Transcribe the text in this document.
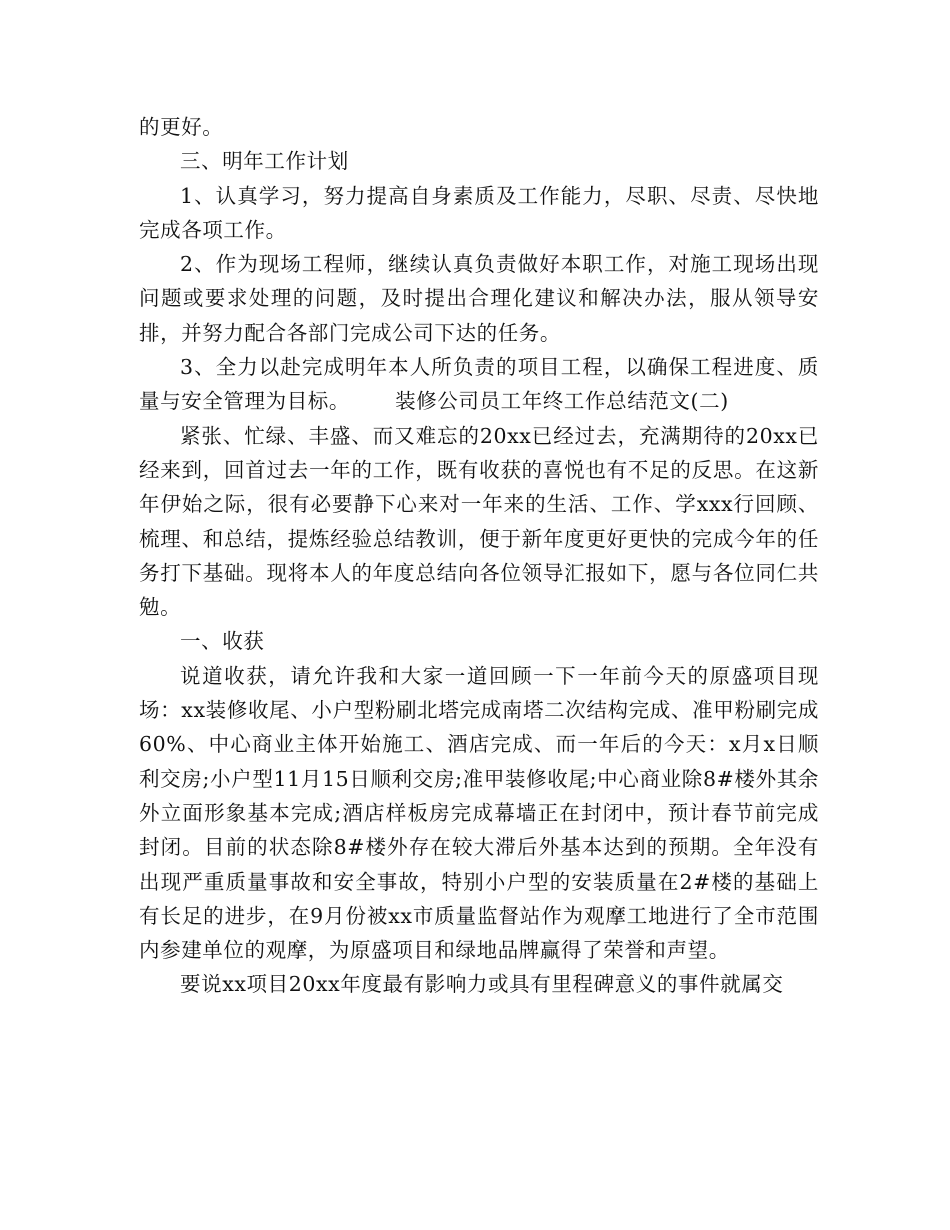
的更好。

三、明年工作计划

1、认真学习，努力提高自身素质及工作能力，尽职、尽责、尽快地完成各项工作。

2、作为现场工程师，继续认真负责做好本职工作，对施工现场出现问题或要求处理的问题，及时提出合理化建议和解决办法，服从领导安排，并努力配合各部门完成公司下达的任务。

3、全力以赴完成明年本人所负责的项目工程，以确保工程进度、质量与安全管理为目标。 装修公司员工年终工作总结范文(二)

紧张、忙绿、丰盛、而又难忘的20xx已经过去，充满期待的20xx已经来到，回首过去一年的工作，既有收获的喜悦也有不足的反思。在这新年伊始之际，很有必要静下心来对一年来的生活、工作、学xxx行回顾、梳理、和总结，提炼经验总结教训，便于新年度更好更快的完成今年的任务打下基础。现将本人的年度总结向各位领导汇报如下，愿与各位同仁共勉。

一、收获

说道收获，请允许我和大家一道回顾一下一年前今天的原盛项目现场：xx装修收尾、小户型粉刷北塔完成南塔二次结构完成、准甲粉刷完成60%、中心商业主体开始施工、酒店完成、而一年后的今天：x月x日顺利交房;小户型11月15日顺利交房;准甲装修收尾;中心商业除8#楼外其余外立面形象基本完成;酒店样板房完成幕墙正在封闭中，预计春节前完成封闭。目前的状态除8#楼外存在较大滞后外基本达到的预期。全年没有出现严重质量事故和安全事故，特别小户型的安装质量在2#楼的基础上有长足的进步，在9月份被xx市质量监督站作为观摩工地进行了全市范围内参建单位的观摩，为原盛项目和绿地品牌赢得了荣誉和声望。

要说xx项目20xx年度最有影响力或具有里程碑意义的事件就属交
